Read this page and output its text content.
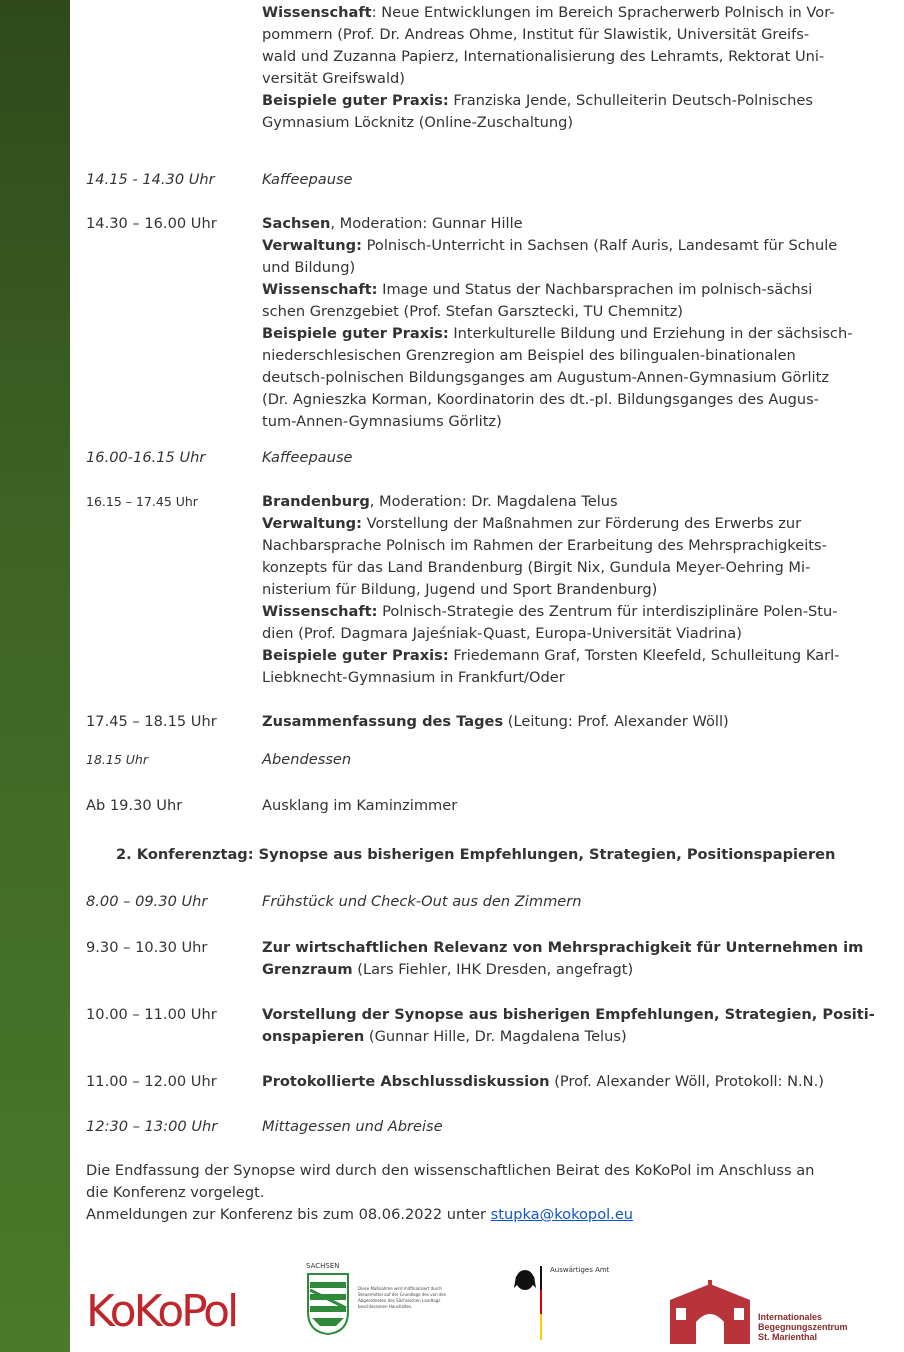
Wissenschaft: Neue Entwicklungen im Bereich Spracherwerb Polnisch in Vor-
pommern (Prof. Dr. Andreas Ohme, Institut für Slawistik, Universität Greifs-
wald und Zuzanna Papierz, Internationalisierung des Lehramts, Rektorat Uni-
versität Greifswald)
Beispiele guter Praxis: Franziska Jende, Schulleiterin Deutsch-Polnisches
Gymnasium Löcknitz (Online-Zuschaltung)
14.15 - 14.30 Uhr	Kaffeepause
14.30 – 16.00 Uhr	Sachsen, Moderation: Gunnar Hille
Verwaltung: Polnisch-Unterricht in Sachsen (Ralf Auris, Landesamt für Schule
und Bildung)
Wissenschaft: Image und Status der Nachbarsprachen im polnisch-sächsi
schen Grenzgebiet (Prof. Stefan Garsztecki, TU Chemnitz)
Beispiele guter Praxis: Interkulturelle Bildung und Erziehung in der sächsisch-
niederschlesischen Grenzregion am Beispiel des bilingualen-binationalen
deutsch-polnischen Bildungsganges am Augustum-Annen-Gymnasium Görlitz
(Dr. Agnieszka Korman, Koordinatorin des dt.-pl. Bildungsganges des Augus-
tum-Annen-Gymnasiums Görlitz)
16.00-16.15 Uhr	Kaffeepause
16.15 – 17.45 Uhr	Brandenburg, Moderation: Dr. Magdalena Telus
Verwaltung: Vorstellung der Maßnahmen zur Förderung des Erwerbs zur
Nachbarsprache Polnisch im Rahmen der Erarbeitung des Mehrsprachigkeits-
konzepts für das Land Brandenburg (Birgit Nix, Gundula Meyer-Oehring Mi-
nisterium für Bildung, Jugend und Sport Brandenburg)
Wissenschaft: Polnisch-Strategie des Zentrum für interdisziplinäre Polen-Stu-
dien (Prof. Dagmara Jajeśniak-Quast, Europa-Universität Viadrina)
Beispiele guter Praxis: Friedemann Graf, Torsten Kleefeld, Schulleitung Karl-
Liebknecht-Gymnasium in Frankfurt/Oder
17.45 – 18.15 Uhr	Zusammenfassung des Tages (Leitung: Prof. Alexander Wöll)
18.15 Uhr	Abendessen
Ab 19.30 Uhr	Ausklang im Kaminzimmer
2. Konferenztag: Synopse aus bisherigen Empfehlungen, Strategien, Positionspapieren
8.00 – 09.30 Uhr	Frühstück und Check-Out aus den Zimmern
9.30 – 10.30 Uhr	Zur wirtschaftlichen Relevanz von Mehrsprachigkeit für Unternehmen im
Grenzraum (Lars Fiehler, IHK Dresden, angefragt)
10.00 – 11.00 Uhr	Vorstellung der Synopse aus bisherigen Empfehlungen, Strategien, Positi-
onspapieren (Gunnar Hille, Dr. Magdalena Telus)
11.00 – 12.00 Uhr	Protokollierte Abschlussdiskussion (Prof. Alexander Wöll, Protokoll: N.N.)
12:30 – 13:00 Uhr	Mittagessen und Abreise
Die Endfassung der Synopse wird durch den wissenschaftlichen Beirat des KoKoPol im Anschluss an
die Konferenz vorgelegt.
Anmeldungen zur Konferenz bis zum 08.06.2022 unter stupka@kokopol.eu
KoKoPol
SACHSEN
Diese Maßnahme wird mitfinanziert durch Steuermittel auf der Grundlage des von den Abgeordneten des Sächsischen Landtags beschlossenen Haushaltes.
Auswärtiges Amt
Internationales
Begegnungszentrum
St. Marienthal
